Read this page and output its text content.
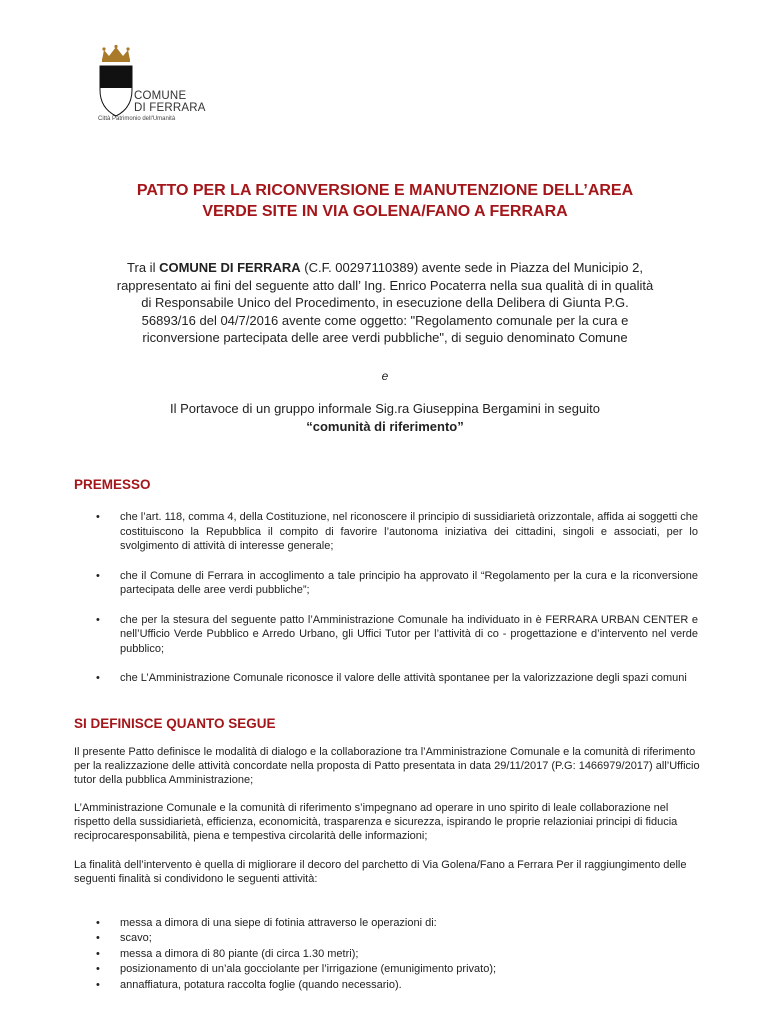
COMUNE
DI FERRARA
Città Patrimonio dell'Umanità
PATTO PER LA RICONVERSIONE E MANUTENZIONE DELL’AREA
VERDE SITE IN VIA GOLENA/FANO A FERRARA
Tra il COMUNE DI FERRARA (C.F. 00297110389) avente sede in Piazza del Municipio 2,
rappresentato ai fini del seguente atto dall’ Ing. Enrico Pocaterra nella sua qualità di in qualità
di Responsabile Unico del Procedimento, in esecuzione della Delibera di Giunta P.G.
56893/16 del 04/7/2016 avente come oggetto: "Regolamento comunale per la cura e
riconversione partecipata delle aree verdi pubbliche", di seguio denominato Comune
e
Il Portavoce di un gruppo informale Sig.ra Giuseppina Bergamini in seguito
“comunità di riferimento”
PREMESSO
• che l’art. 118, comma 4, della Costituzione, nel riconoscere il principio di sussidiarietà orizzontale, affida ai soggetti che costituiscono la Repubblica il compito di favorire l’autonoma iniziativa dei cittadini, singoli e associati, per lo svolgimento di attività di interesse generale;
• che il Comune di Ferrara in accoglimento a tale principio ha approvato il “Regolamento per la cura e la riconversione partecipata delle aree verdi pubbliche”;
• che per la stesura del seguente patto l’Amministrazione Comunale ha individuato in è FERRARA URBAN CENTER e nell’Ufficio Verde Pubblico e Arredo Urbano, gli Uffici Tutor per l’attività di co - progettazione e d’intervento nel verde pubblico;
• che L’Amministrazione Comunale riconosce il valore delle attività spontanee per la valorizzazione degli spazi comuni
SI DEFINISCE QUANTO SEGUE
Il presente Patto definisce le modalità di dialogo e la collaborazione tra l’Amministrazione Comunale e la comunità di riferimento per la realizzazione delle attività concordate nella proposta di Patto presentata in data 29/11/2017 (P.G: 1466979/2017) all’Ufficio tutor della pubblica Amministrazione;
L’Amministrazione Comunale e la comunità di riferimento s’impegnano ad operare in uno spirito di leale collaborazione nel rispetto della sussidiarietà, efficienza, economicità, trasparenza e sicurezza, ispirando le proprie relazioniai principi di fiducia reciprocaresponsabilità, piena e tempestiva circolarità delle informazioni;
La finalità dell’intervento è quella di migliorare il decoro del parchetto di Via Golena/Fano a Ferrara Per il raggiungimento delle seguenti finalità si condividono le seguenti attività:
• messa a dimora di una siepe di fotinia attraverso le operazioni di:
• scavo;
• messa a dimora di 80 piante (di circa 1.30 metri);
• posizionamento di un’ala gocciolante per l’irrigazione (emunigimento privato);
• annaffiatura, potatura raccolta foglie (quando necessario).
